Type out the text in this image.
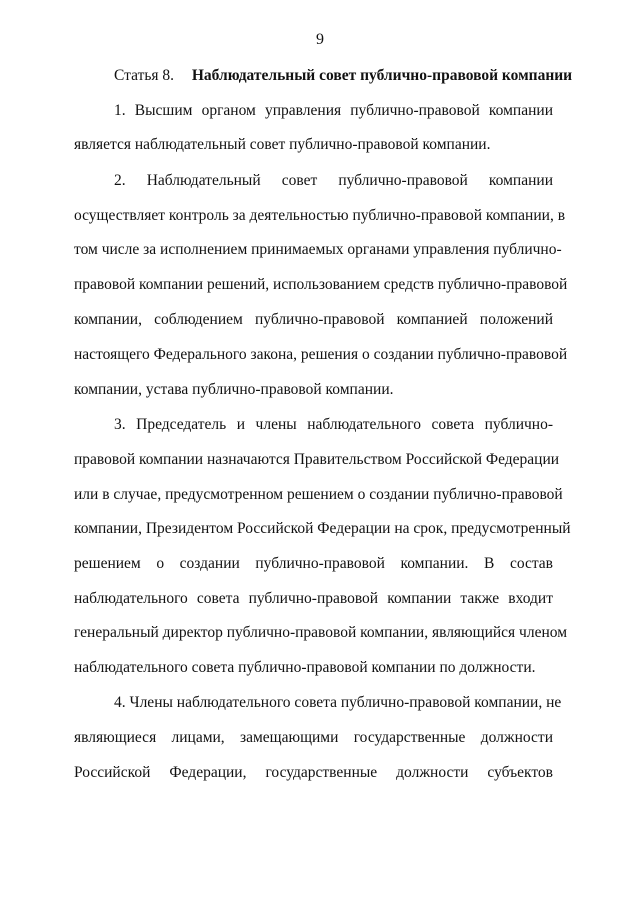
9
Статья 8. Наблюдательный совет публично-правовой компании
1. Высшим органом управления публично-правовой компании
является наблюдательный совет публично-правовой компании.
2. Наблюдательный совет публично-правовой компании
осуществляет контроль за деятельностью публично-правовой компании, в
том числе за исполнением принимаемых органами управления публично-
правовой компании решений, использованием средств публично-правовой
компании, соблюдением публично-правовой компанией положений
настоящего Федерального закона, решения о создании публично-правовой
компании, устава публично-правовой компании.
3. Председатель и члены наблюдательного совета публично-
правовой компании назначаются Правительством Российской Федерации
или в случае, предусмотренном решением о создании публично-правовой
компании, Президентом Российской Федерации на срок, предусмотренный
решением о создании публично-правовой компании. В состав
наблюдательного совета публично-правовой компании также входит
генеральный директор публично-правовой компании, являющийся членом
наблюдательного совета публично-правовой компании по должности.
4. Члены наблюдательного совета публично-правовой компании, не
являющиеся лицами, замещающими государственные должности
Российской Федерации, государственные должности субъектов
